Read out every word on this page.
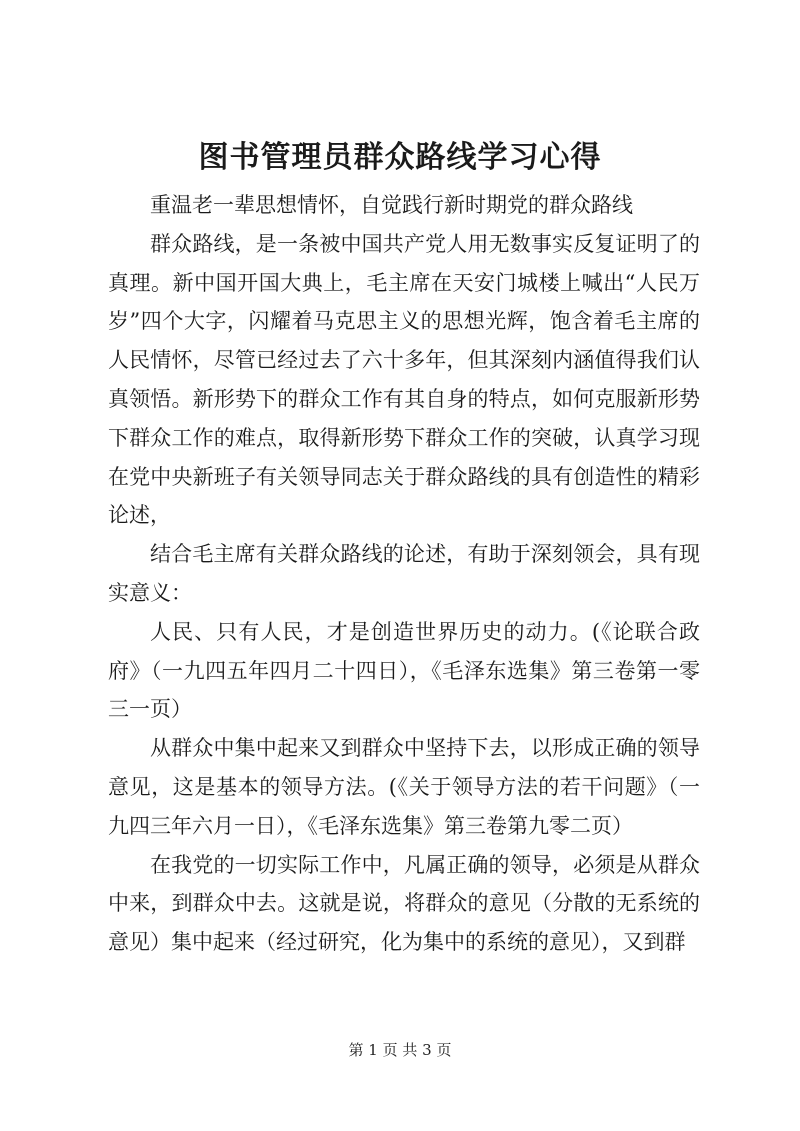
图书管理员群众路线学习心得

重温老一辈思想情怀，自觉践行新时期党的群众路线

群众路线，是一条被中国共产党人用无数事实反复证明了的真理。新中国开国大典上，毛主席在天安门城楼上喊出“人民万岁”四个大字，闪耀着马克思主义的思想光辉，饱含着毛主席的人民情怀，尽管已经过去了六十多年，但其深刻内涵值得我们认真领悟。新形势下的群众工作有其自身的特点，如何克服新形势下群众工作的难点，取得新形势下群众工作的突破，认真学习现在党中央新班子有关领导同志关于群众路线的具有创造性的精彩论述，

结合毛主席有关群众路线的论述，有助于深刻领会，具有现实意义：

人民、只有人民，才是创造世界历史的动力。(《论联合政府》（一九四五年四月二十四日），《毛泽东选集》第三卷第一零三一页）

从群众中集中起来又到群众中坚持下去，以形成正确的领导意见，这是基本的领导方法。(《关于领导方法的若干问题》（一九四三年六月一日），《毛泽东选集》第三卷第九零二页）

在我党的一切实际工作中，凡属正确的领导，必须是从群众中来，到群众中去。这就是说，将群众的意见（分散的无系统的意见）集中起来（经过研究，化为集中的系统的意见），又到群

第 1 页 共 3 页
